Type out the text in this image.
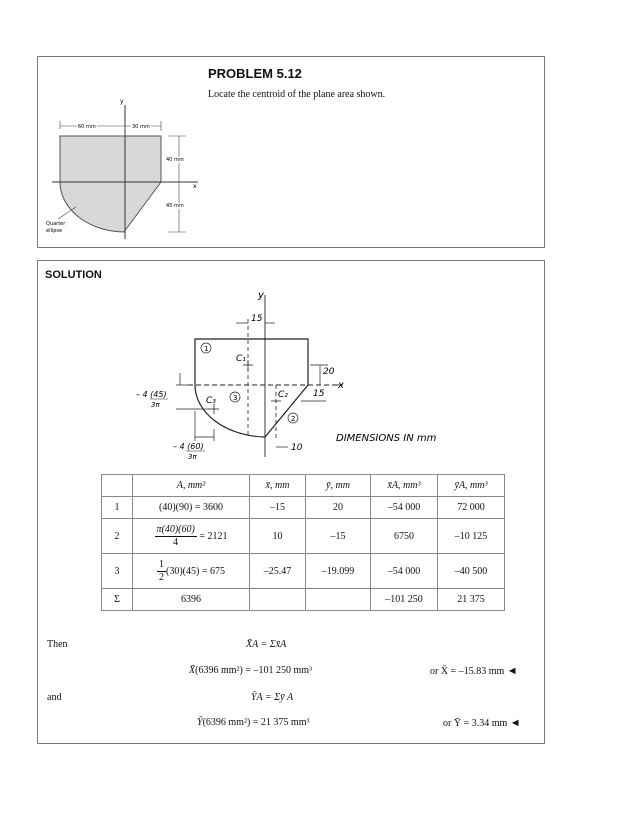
PROBLEM 5.12
Locate the centroid of the plane area shown.
y
x
60 mm	30 mm
40 mm
45 mm
Quarter
ellipse
SOLUTION
y
x
15
20
15
10
C₁
C₂
C₃
1
3
2
– 4 (45)
3π
– 4 (60)
3π
DIMENSIONS IN mm
	A, mm²	x̄, mm	ȳ, mm	x̄A, mm³	ȳA, mm³
1	(40)(90) = 3600	–15	20	–54 000	72 000
2	$\frac{\pi(40)(60)}{4} = 2121$	10	–15	6750	–10 125
3	$\frac{1}{2} (30)(45) = 675$	–25.47	–19.099	–54 000	–40 500
Σ	6396			–101 250	21 375
Then	X̄A = Σx̄A
X̄(6396 mm²) = –101 250 mm³	or X̄ = –15.83 mm ◄
and	ȲA = Σȳ A
Ȳ(6396 mm²) = 21 375 mm³	or Ȳ = 3.34 mm ◄
